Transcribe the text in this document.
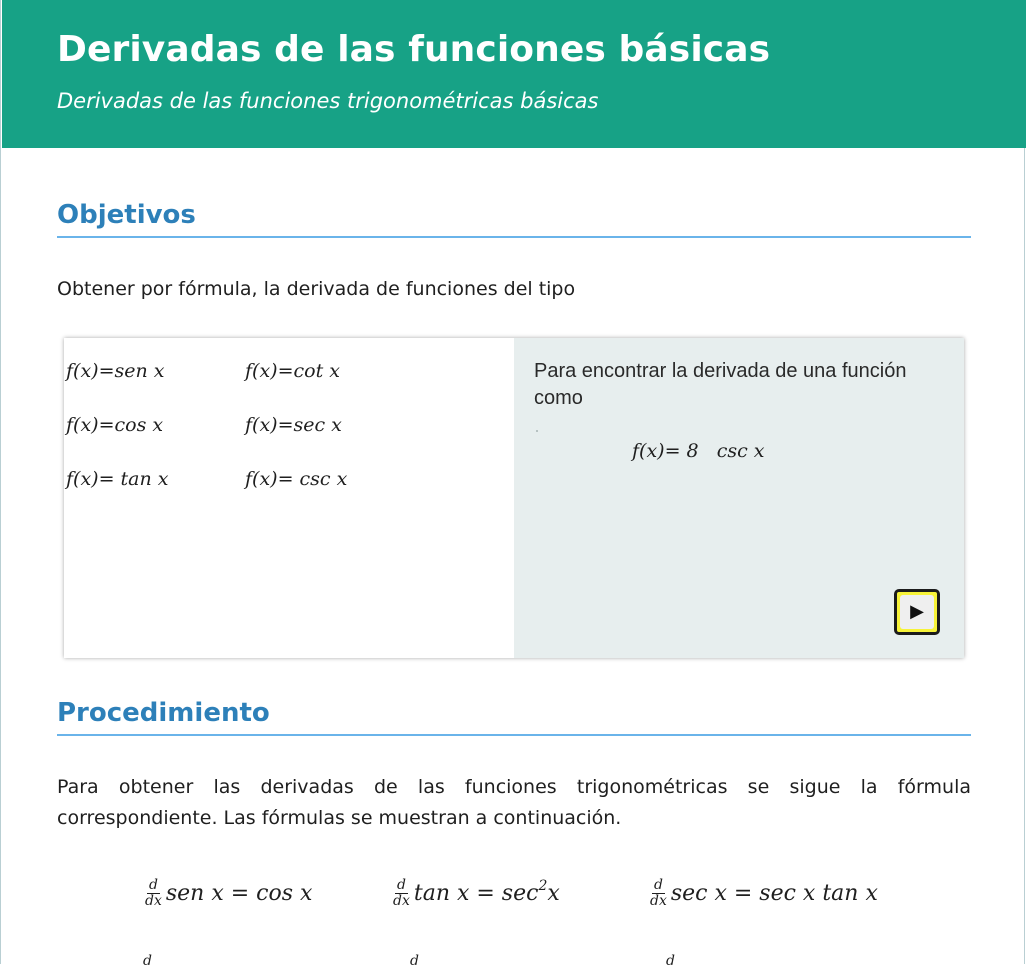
Derivadas de las funciones básicas
Derivadas de las funciones trigonométricas básicas
Objetivos

Obtener por fórmula, la derivada de funciones del tipo

f(x)=sen x	f(x)=cot x
f(x)=cos x	f(x)=sec x
f(x)= tan x	f(x)= csc x

Para encontrar la derivada de una función como

f(x)= 8   csc x
▶
Procedimiento

Para obtener las derivadas de las funciones trigonométricas se sigue la fórmula correspondiente. Las fórmulas se muestran a continuación.

$\frac{d}{dx}$ sen x = cos x	$\frac{d}{dx}$ $\tan x = \sec^2 x$	$\frac{d}{dx}$ sec x = sec x tan x
d	d	d
